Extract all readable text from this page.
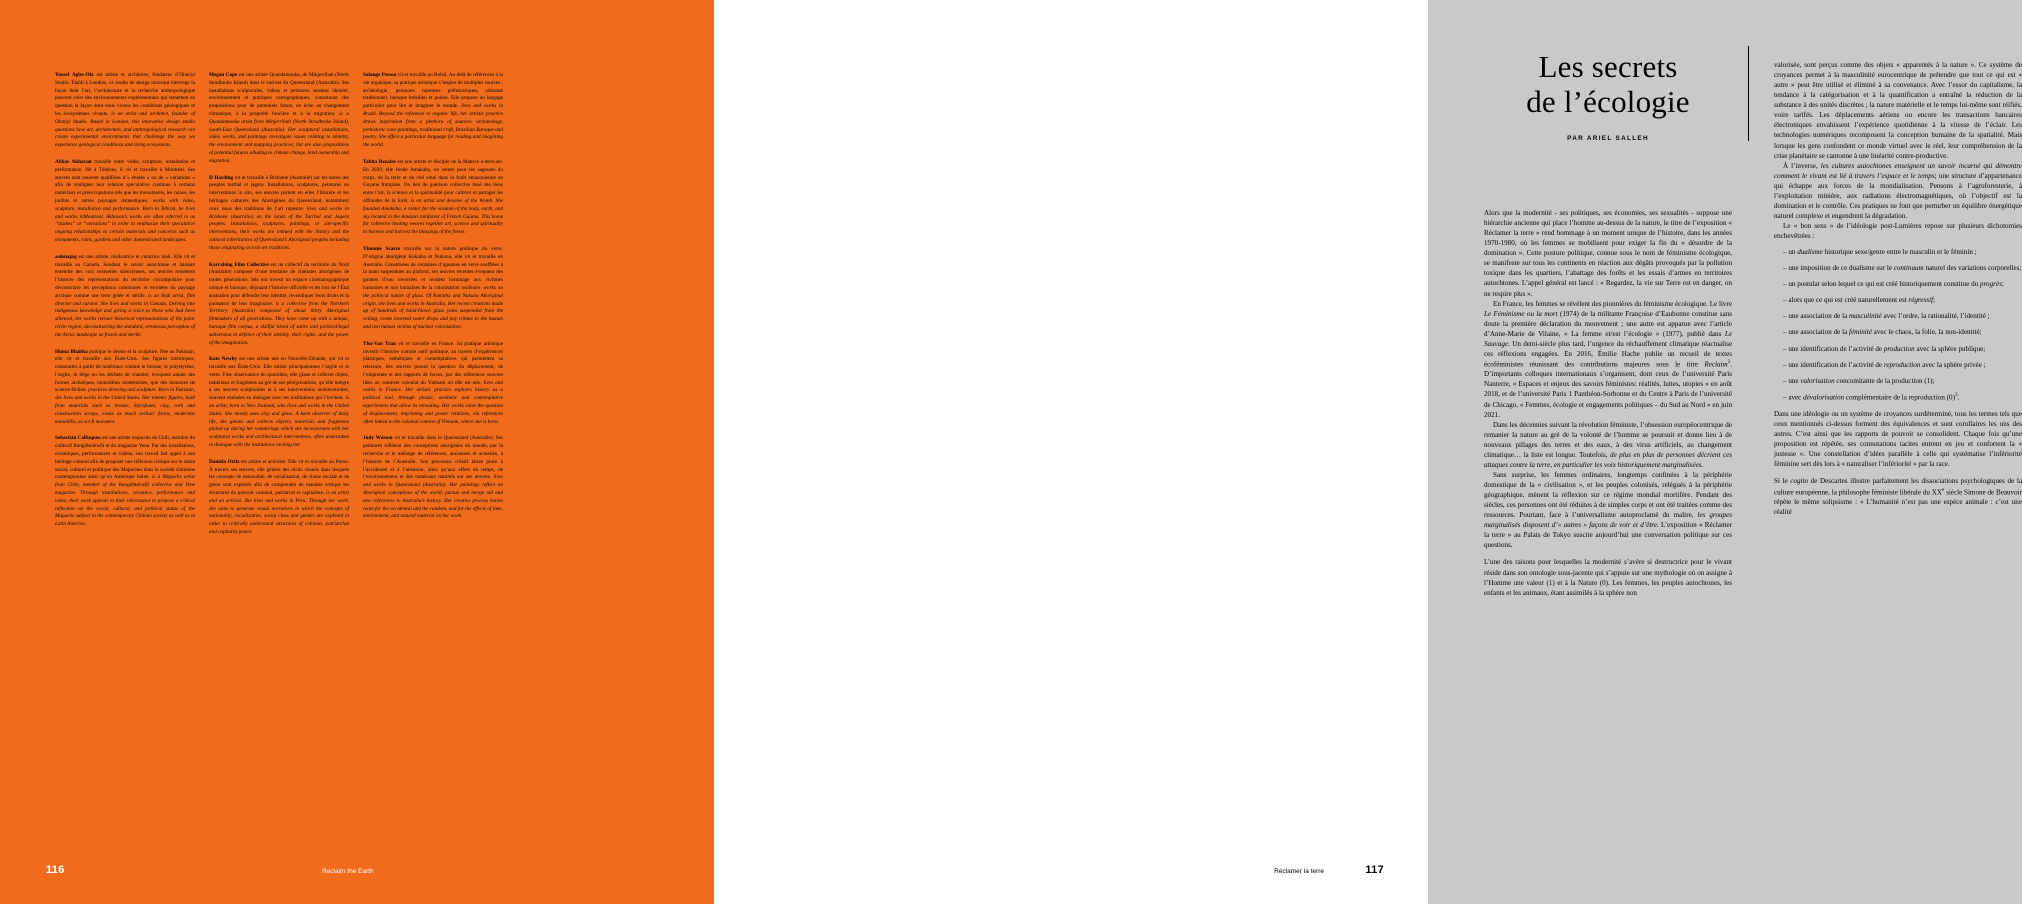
Yussef Agbo-Ola est artiste et architecte, fondateur d’Olaniyi Studio. Établi à Londres, ce studio de design innovant interroge la façon dont l’art, l’architecture et la recherche anthropologique peuvent créer des environnements expérimentaux qui remettent en question la façon dont nous vivons les conditions géologiques et les écosystèmes vivants. is an artist and architect, founder of Olaniyi Studio. Based in London, this innovative design studio questions how art, architecture, and anthropological research can create experimental environments that challenge the way we experience geological conditions and living ecosystems.
Abbas Akhavan travaille entre vidéo, sculpture, installation et performance. Né à Téhéran, il vit et travaille à Montréal. Ses œuvres sont souvent qualifiées d’« études » ou de « variations » afin de souligner leur relation spéculative continue à certains matériaux et préoccupations tels que les monuments, les ruines, les jardins et autres paysages domestiques. works with video, sculpture, installation and performance. Born in Tehran, he lives and works inMontreal. Akhavan’s works are often referred to as “studies” or “variations” in order to emphasize their speculative ongoing relationships to certain materials and concerns such as monuments, ruins, gardens and other domesticated landscapes.
asinnajaq est une artiste, réalisatrice et curatrice inuk. Elle vit et travaille au Canada. Sondant le savoir autochtone et laissant entendre des voix textuelles silencieuses, ses œuvres remettent l’histoire des représentations du territoire circumpolaire pour déconstruire les perceptions communes et erronées du paysage arctique comme une terre gelée et stérile. is an Inuk artist, film director and curator. She lives and works in Canada. Delving into indigenous knowledge and giving a voice to those who had been silenced, her works retrace historical representations of the polar circle region, deconstructing the standard, erroneous perception of the Arctic landscape as frozen and sterile.
Huma Bhabha pratique le dessin et la sculpture. Née au Pakistan, elle vit et travaille aux États-Unis. Ses figures totémiques, construites à partir de matériaux comme le bronze, le polystyrène, l’argile, le liège ou les déchets de chantier, évoquent autant des formes archaïques, monolithes modernistes, que des monstres de science-fiction. practices drawing and sculpture. Born in Pakistan, she lives and works in the United States. Her totemic figures, built from materials such as bronze, Styrofoam, clay, cork and construction scraps, evoke as much archaic forms, modernist monoliths, as sci-fi monsters.
Sebastián Calfuqueo est une artiste mapuche du Chili, membre du collectif Rangiñtulewfü et du magazine Yene. Par des installations, céramiques, performances et vidéos, son travail fait appel à son héritage culturel afin de proposer une réflexion critique sur le statut social, culturel et politique des Mapuches dans la société chilienne contemporaine ainsi qu’en Amérique latine. is a Mapuche artist from Chile, member of the Rangiñtulewfü collective and Yene magazine. Through installations, ceramics, performance and video, their work appeals to their inheritance to propose a critical reflection on the social, cultural, and political status of the Mapuche subject in the contemporary Chilean society as well as in Latin America.
Megan Cope est une artiste Quandamooka, de Minjerribah (North Stradbroke Island) dans le sud-est du Queensland (Australie). Ses installations sculpturales, vidéos et peintures sondent identité, environnement et pratiques cartographiques, constituant des propositions pour de potentiels futurs, en écho au changement climatique, à la propriété foncière et à la migration. is a Quandamooka artist from Minjerribah (North Stradbroke Island), South-East Queensland (Australia). Her sculptural installations, video works, and paintings investigate issues relating to identity, the environment and mapping practices; but are also propositions of potential futures alluding to climate change, land ownership and migration.
D Harding vit et travaille à Brisbane (Australie) sur les terres des peuples turrbal et jagera. Installations, sculptures, peintures ou interventions in situ, ses œuvres portent en elles l’histoire et les héritages culturels des Aborigènes du Queensland, notamment ceux issus des traditions de l’art rupestre. lives and works in Brisbane (Australia) on the lands of the Turrbal and Jagera peoples. Installations, sculptures, paintings, or site-specific interventions, their works are imbued with the history and the cultural inheritances of Queensland’s Aboriginal peoples including those originating in rock art traditions.
Karrabing Film Collective est un collectif du territoire du Nord (Australie) composé d’une trentaine de cinéastes aborigènes de toutes générations. Iels ont investi un espace cinématographique unique et baroque, déjouant l’histoire officielle et les lois de l’État australien pour défendre leur identité, revendiquer leurs droits et la puissance de leur imaginaire. is a collective from the Northern Territory (Australia) composed of about thirty Aboriginal filmmakers of all generations. They have come up with a unique, baroque film corpus, a skillful blend of satire and political/legal subversion in defence of their identity, their rights, and the power of the imagination.
Kate Newby est une artiste née en Nouvelle-Zélande, qui vit et travaille aux États-Unis. Elle utilise principalement l’argile et le verre. Fine observatrice du quotidien, elle glane et collecte objets, matériaux et fragments au gré de ses pérégrinations, qu’elle intègre à ses œuvres sculpturales et à ses interventions architecturales, souvent réalisées en dialogue avec les institutions qui l’invitent. is an artist, born in New Zealand, who lives and works in the United States. She mostly uses clay and glass. A keen observer of daily life, she gleans and collects objects, materials and fragments picked up during her wanderings which she incorporates with her sculptural works and architectural interventions, often undertaken in dialogue with the institutions inviting her.
Daniela Ortiz est artiste et activiste. Elle vit et travaille au Pérou. À travers ses œuvres, elle génère des récits visuels dans lesquels les concepts de nationalité, de racialisation, de classe sociale et de genre sont explorés afin de comprendre de manière critique les structures du pouvoir colonial, patriarcal et capitaliste. is an artist and an activist. She lives and works in Peru. Through her work, she aims to generate visual narratives in which the concepts of nationality, racialization, social class and gender are explored in order to critically understand structures of colonial, patriarchal and capitalist power.
Solange Pessoa vit et travaille au Brésil. Au-delà de références à la vie organique, sa pratique artistique s’inspire de multiples sources : archéologie, peintures rupestres préhistoriques, artisanat traditionnel, baroque brésilien et poésie. Elle propose un langage particulier pour lire et imaginer le monde. lives and works in Brazil. Beyond the reference to organic life, her artistic practice draws inspiration from a plethora of sources: archaeology, prehistoric cave paintings, traditional craft, Brazilian Baroque and poetry. She offers a particular language for reading and imagining the world.
Tabita Rezaire est une artiste et disciple de la Matrice u.terre.ine. En 2020, elle fonde Amakaba, un centre pour les sagesses du corps, de la terre et du ciel situé dans la forêt amazonienne en Guyane française. On lieu de guérison collective tissé des liens entre l’art, la science et la spiritualité pour cultiver et partager les offrandes de la forêt. is an artist and devotee of the Womb. She founded Amakaba, a center for the wisdom of the body, earth, and sky located in the Amazon rainforest of French Guiana. This home for collective healing weaves together art, science and spirituality to harness and harvest the blessings of the forest.
Yhonnie Scarce travaille sur la nature politique du verre. D’origine aborigène Kokatha et Nukunu, elle vit et travaille en Australie. Constituées de centaines d’ignames en verre soufflées à la main suspendues au plafond, ses œuvres récentes évoquent des gouttes d’eau inversées et rendent hommage aux victimes humaines et non humaines de la colonisation nucléaire. works on the political nature of glass. Of Kokatha and Nukunu Aboriginal origin, she lives and works in Australia. Her recent creations made up of hundreds of hand-blown glass yams suspended from the ceiling, evoke inverted water drops and pay tribute to the human and non human victims of nuclear colonization.
Thu-Van Tran vit et travaille en France. Sa pratique artistique investit l’histoire comme outil politique, au travers d’expériences plastiques, esthétiques et contemplatives qui permettent sa relecture. Ses œuvres posent la question du déplacement, de l’empreinte et des rapports de forces, par des références souvent liées au contexte colonial du Vietnam où elle est née. lives and works in France. Her artistic practice explores history as a political tool, through plastic, aesthetic and contemplative experiments that allow its rereading. Her works raise the question of displacement, imprinting and power relations, via references often linked to the colonial context of Vietnam, where she is born.
Judy Watson vit et travaille dans le Queensland (Australie). Ses peintures reflètent des conceptions aborigènes du monde, par la recherche et le mélange de références, anciennes et actuelles, à l’histoire de l’Australie. Son processus créatif laisse place à l’accidentel et à l’aléatoire, ainsi qu’aux effets du temps, de l’environnement et des matériaux naturels sur ses œuvres. lives and works in Queensland (Australia). Her paintings reflect on Aboriginal conceptions of the world, pursue and merge old and new references to Australia’s history. Her creative process leaves room for the accidental and the random, and for the effects of time, environment, and natural material on her work.
116	Reclaim the Earth
Les secrets
de l’écologie
PAR ARIEL SALLEH

Alors que la modernité - ses politiques, ses économies, ses sexualités - suppose une hiérarchie ancienne qui place l’homme au-dessus de la nature, le titre de l’exposition « Réclamer la terre » rend hommage à un moment unique de l’histoire, dans les années 1970-1980, où les femmes se mobilisent pour exiger la fin du « désordre de la domination ». Cette posture politique, connue sous le nom de féminisme écologique, se manifeste sur tous les continents en réaction aux dégâts provoqués par la pollution toxique dans les quartiers, l’abattage des forêts et les essais d’armes en territoires autochtones. L’appel général est lancé : « Regardez, la vie sur Terre est en danger, on ne respire plus ».

En France, les femmes se révèlent des pionnières du féminisme écologique. Le livre Le Féminisme ou la mort (1974) de la militante Françoise d’Eaubonne constitue sans doute la première déclaration du mouvement ; une autre est apparue avec l’article d’Anne-Marie de Vilaine, « La femme et/est l’écologie » (1977), publié dans Le Sauvage. Un demi-siècle plus tard, l’urgence du réchauffement climatique réactualise ces réflexions engagées. En 2016, Émilie Hache publie un recueil de textes écoféministes réunissant des contributions majeures sous le titre Reclaim$^2$. D’importants colloques internationaux s’organisent, dont ceux de l’université Paris Nanterre, « Espaces et enjeux des savoirs féministes: réalités, luttes, utopies » en août 2018, et de l’université Paris 1 Panthéon-Sorbonne et du Centre à Paris de l’université de Chicago, « Femmes, écologie et engagements politiques – du Sud au Nord » en juin 2021.

Dans les décennies suivant la révolution féministe, l’obsession européocentrique de remanier la nature au gré de la volonté de l’homme se poursuit et donne lieu à de nouveaux pillages des terres et des eaux, à des virus artificiels, au changement climatique… la liste est longue. Toutefois, de plus en plus de personnes décrient ces attaques contre la terre, en particulier les voix historiquement marginalisées.

Sans surprise, les femmes ordinaires, longtemps confinées à la périphérie domestique de la « civilisation », et les peuples colonisés, relégués à la périphérie géographique, mènent la réflexion sur ce régime mondial mortifère. Pendant des siècles, ces personnes ont été réduites à de simples corps et ont été traitées comme des ressources. Pourtant, face à l’universalisme autoproclamé du maître, les groupes marginalisés disposent d’« autres » façons de voir et d’être. L’exposition « Réclamer la terre » au Palais de Tokyo suscite aujourd’hui une conversation politique sur ces questions.

L’une des raisons pour lesquelles la modernité s’avère si destructrice pour le vivant réside dans son ontologie sous-jacente qui s’appuie sur une mythologie où on assigne à l’Homme une valeur (1) et à la Nature (0). Les femmes, les peuples autochtones, les enfants et les animaux, étant assimilés à la sphère non

valorisée, sont perçus comme des objets « apparentés à la nature ». Ce système de croyances permet à la masculinité eurocentrique de prétendre que tout ce qui est « autre » peut être utilisé et éliminé à sa convenance. Avec l’essor du capitalisme, la tendance à la catégorisation et à la quantification a entraîné la réduction de la substance à des unités discrètes ; la nature matérielle et le temps lui-même sont réifiés, voire tarifés. Les déplacements aériens ou encore les transactions bancaires électroniques envahissent l’expérience quotidienne à la vitesse de l’éclair. Les technologies numériques recomposent la conception humaine de la spatialité. Mais lorsque les gens confondent ce monde virtuel avec le réel, leur compréhension de la crise planétaire se cantonne à une linéarité contre-productive.

À l’inverse, les cultures autochtones enseignent un savoir incarné qui démontre comment le vivant est lié à travers l’espace et le temps; une structure d’appartenance qui échappe aux forces de la mondialisation. Pensons à l’agroforesterie, à l’exploitation minière, aux radiations électromagnétiques, où l’objectif est la domination et le contrôle. Ces pratiques ne font que perturber un équilibre énergétique naturel complexe et engendrent la dégradation.

Le « bon sens » de l’idéologie post-Lumières repose sur plusieurs dichotomies enchevêtrées :

– un dualisme historique sexe/genre entre le masculin et le féminin ;
– une imposition de ce dualisme sur le continuum naturel des variations corporelles;
– un postulat selon lequel ce qui est créé historiquement constitue du progrès;
– alors que ce qui est créé naturellement est régressif;
– une association de la masculinité avec l’ordre, la rationalité, l’identité ;
– une association de la féminité avec le chaos, la folie, la non-identité;
– une identification de l’activité de production avec la sphère publique;
– une identification de l’activité de reproduction avec la sphère privée ;
– une valorisation concomitante de la production (1);
– avec dévalorisation complémentaire de la reproduction $(0)^3$.

Dans une idéologie ou un système de croyances surdéterminé, tous les termes tels que ceux mentionnés ci-dessus forment des équivalences et sont corollaires les uns des autres. C’est ainsi que les rapports de pouvoir se consolident. Chaque fois qu’une proposition est répétée, ses connotations tacites entrent en jeu et confortent la « justesse ». Une constellation d’idées parallèle à celle qui systématise l’infériorité féminine sert dès lors à « naturaliser l’infériorité » par la race.

Si le cogito de Descartes illustre parfaitement les dissociations psychologiques de la culture européenne, la philosophe féministe libérale du XXe siècle Simone de Beauvoir répète le même solipsisme : « L’humanité n’est pas une espèce animale : c’est une réalité

117
Réclamer la terre
